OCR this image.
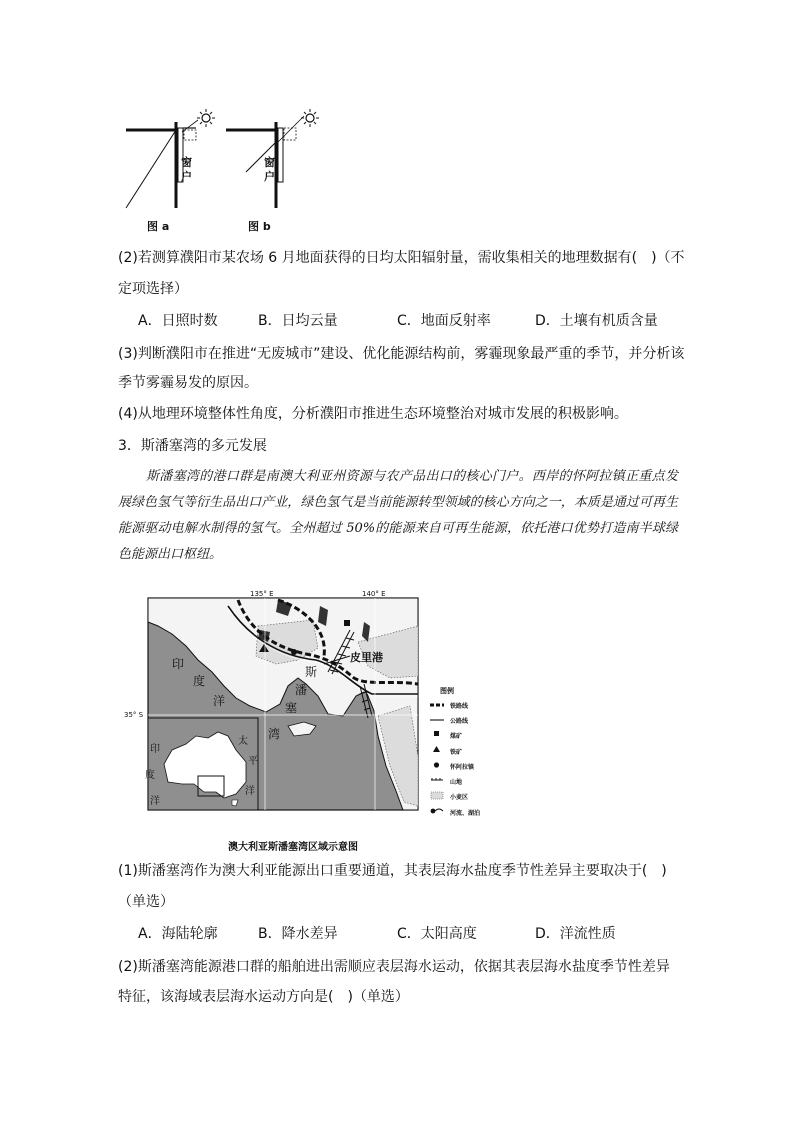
窗户
窗户
图 a	图 b
(2)若测算濮阳市某农场 6 月地面获得的日均太阳辐射量，需收集相关的地理数据有(　)（不
定项选择）
A．日照时数	B．日均云量	C．地面反射率	D．土壤有机质含量
(3)判断濮阳市在推进“无废城市”建设、优化能源结构前，雾霾现象最严重的季节，并分析该
季节雾霾易发的原因。
(4)从地理环境整体性角度，分析濮阳市推进生态环境整治对城市发展的积极影响。
3．斯潘塞湾的多元发展
斯潘塞湾的港口群是南澳大利亚州资源与农产品出口的核心门户。西岸的怀阿拉镇正重点发展绿色氢气等衍生品出口产业，绿色氢气是当前能源转型领域的核心方向之一，本质是通过可再生能源驱动电解水制得的氢气。全州超过 50%的能源来自可再生能源，依托港口优势打造南半球绿色能源出口枢纽。
135° E	140° E
35° S
皮里港
印
度
洋
斯
潘
塞
湾
印
度
洋
太
平
洋
图例
铁路线
公路线
煤矿
铁矿
怀阿拉镇
山地
小麦区
河流、湖泊
澳大利亚斯潘塞湾区域示意图
(1)斯潘塞湾作为澳大利亚能源出口重要通道，其表层海水盐度季节性差异主要取决于(　)
（单选）
A．海陆轮廓	B．降水差异	C．太阳高度	D．洋流性质
(2)斯潘塞湾能源港口群的船舶进出需顺应表层海水运动，依据其表层海水盐度季节性差异
特征，该海域表层海水运动方向是(　)（单选）
